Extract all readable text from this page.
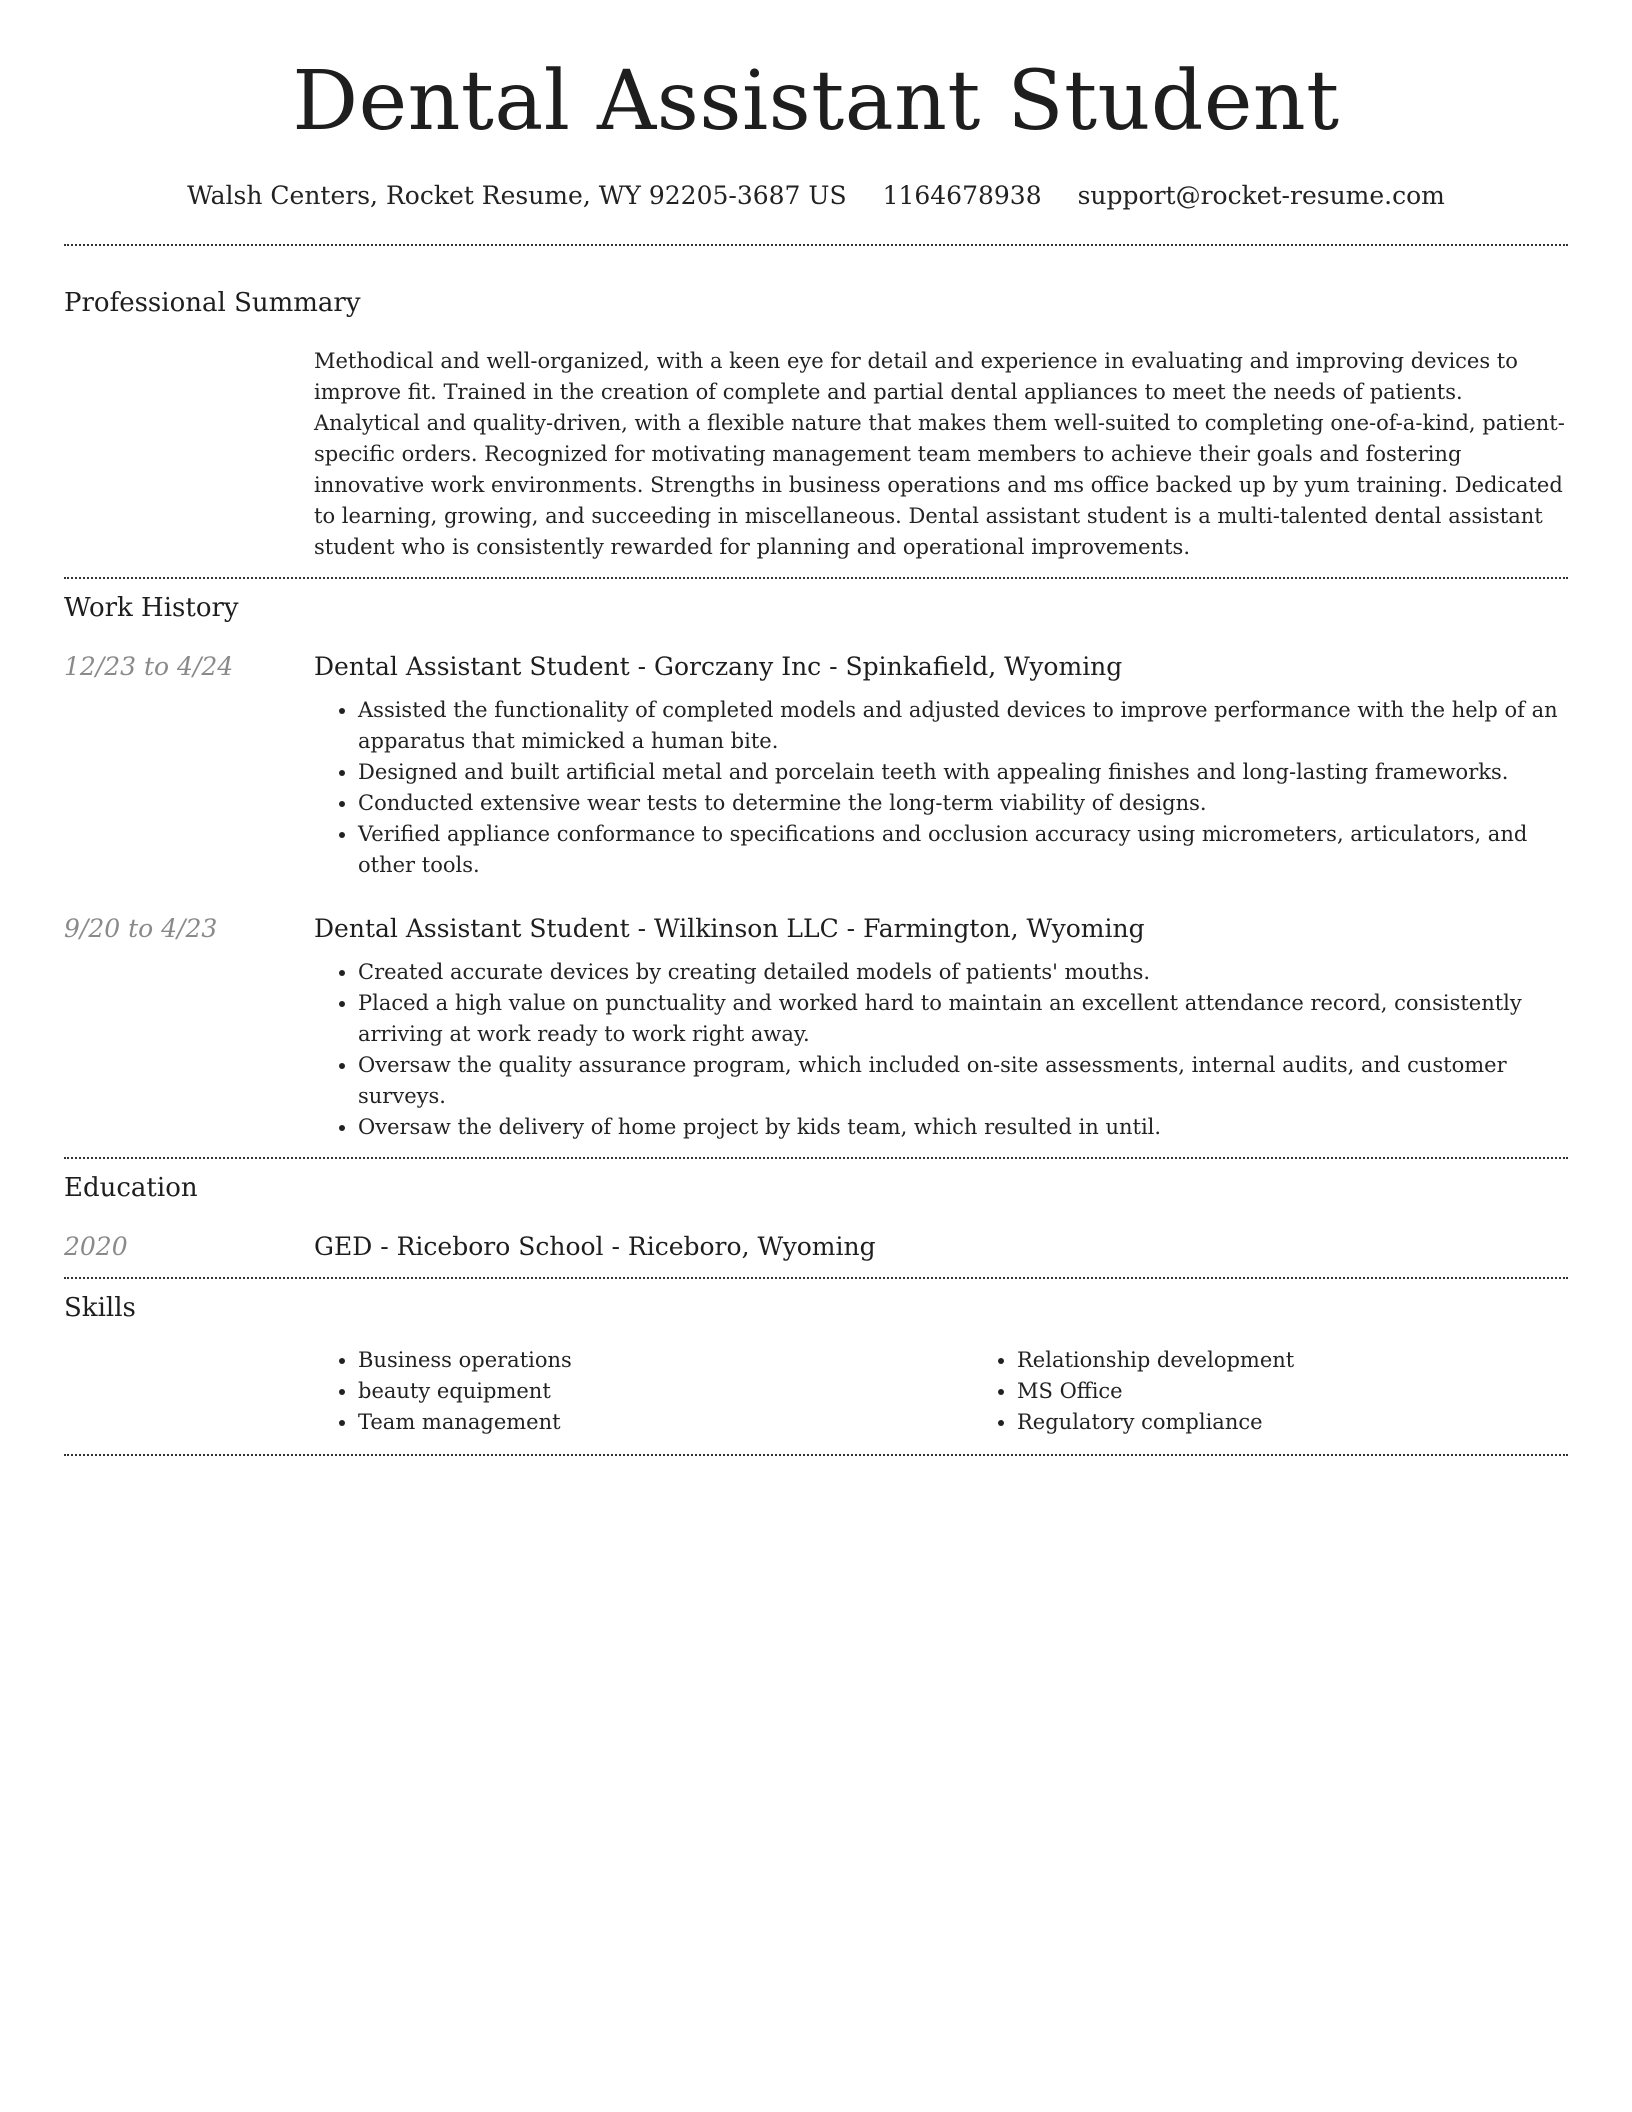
Dental Assistant Student
Walsh Centers, Rocket Resume, WY 92205-3687 US 1164678938 support@rocket-resume.com
Professional Summary

Methodical and well-organized, with a keen eye for detail and experience in evaluating and improving devices to improve fit. Trained in the creation of complete and partial dental appliances to meet the needs of patients. Analytical and quality-driven, with a flexible nature that makes them well-suited to completing one-of-a-kind, patient-specific orders. Recognized for motivating management team members to achieve their goals and fostering innovative work environments. Strengths in business operations and ms office backed up by yum training. Dedicated to learning, growing, and succeeding in miscellaneous. Dental assistant student is a multi-talented dental assistant student who is consistently rewarded for planning and operational improvements.

Work History
12/23 to 4/24	Dental Assistant Student - Gorczany Inc - Spinkafield, Wyoming
• Assisted the functionality of completed models and adjusted devices to improve performance with the help of an apparatus that mimicked a human bite.
• Designed and built artificial metal and porcelain teeth with appealing finishes and long-lasting frameworks.
• Conducted extensive wear tests to determine the long-term viability of designs.
• Verified appliance conformance to specifications and occlusion accuracy using micrometers, articulators, and other tools.
9/20 to 4/23	Dental Assistant Student - Wilkinson LLC - Farmington, Wyoming
• Created accurate devices by creating detailed models of patients' mouths.
• Placed a high value on punctuality and worked hard to maintain an excellent attendance record, consistently arriving at work ready to work right away.
• Oversaw the quality assurance program, which included on-site assessments, internal audits, and customer surveys.
• Oversaw the delivery of home project by kids team, which resulted in until.
Education
2020	GED - Riceboro School - Riceboro, Wyoming
Skills
• Business operations
• beauty equipment
• Team management
• Relationship development
• MS Office
• Regulatory compliance
